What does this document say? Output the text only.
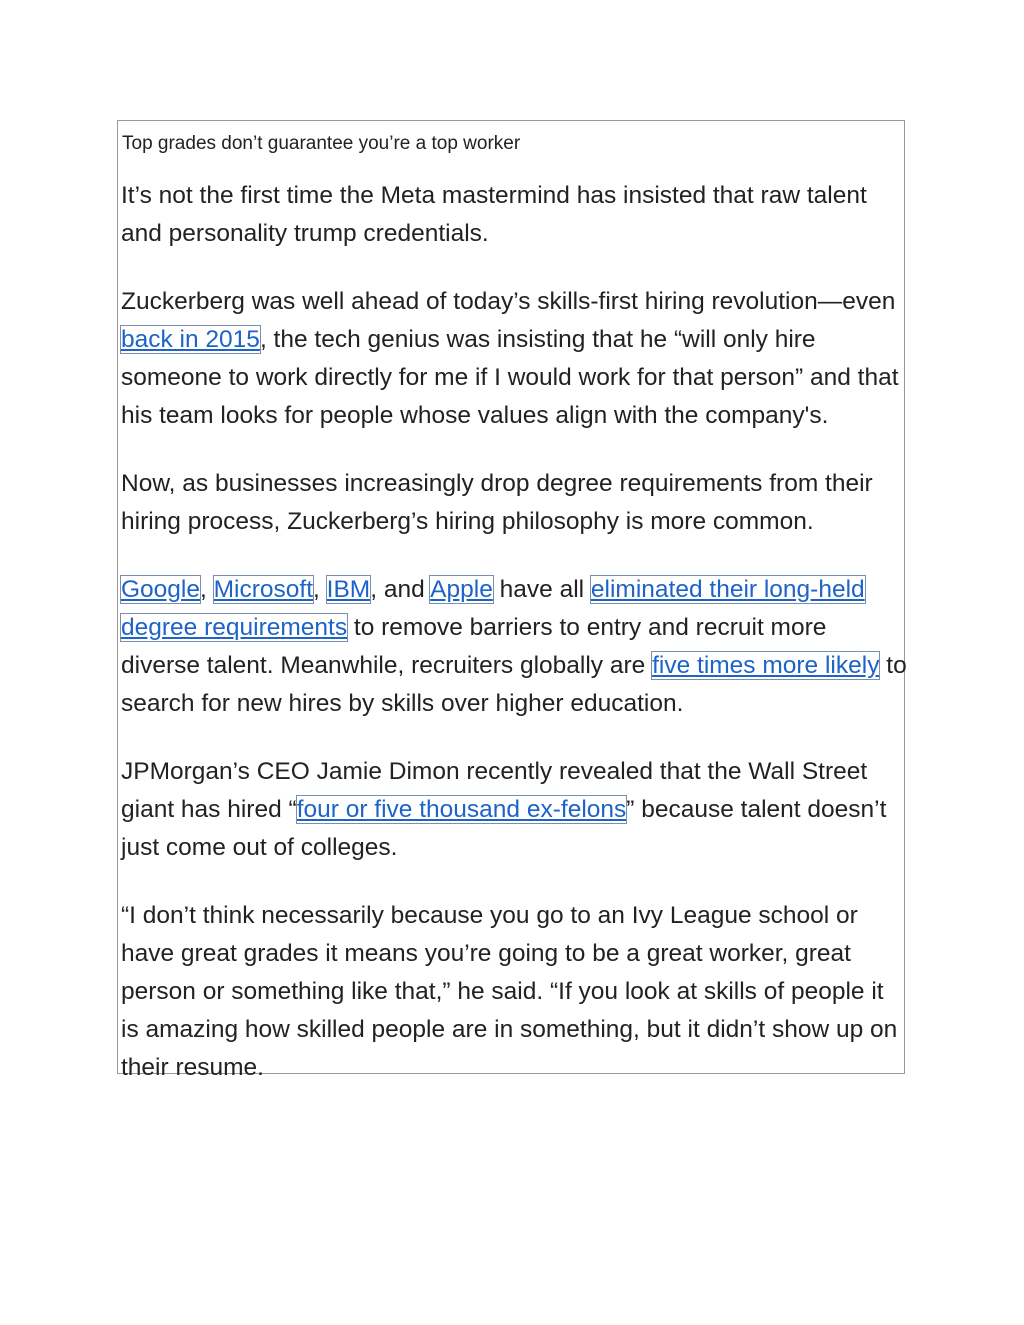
Top grades don’t guarantee you’re a top worker

It’s not the first time the Meta mastermind has insisted that raw talent and personality trump credentials.

Zuckerberg was well ahead of today’s skills-first hiring revolution—even back in 2015, the tech genius was insisting that he “will only hire someone to work directly for me if I would work for that person” and that his team looks for people whose values align with the company's.

Now, as businesses increasingly drop degree requirements from their hiring process, Zuckerberg’s hiring philosophy is more common.

Google, Microsoft, IBM, and Apple have all eliminated their long-held degree requirements to remove barriers to entry and recruit more diverse talent. Meanwhile, recruiters globally are five times more likely to search for new hires by skills over higher education.

JPMorgan’s CEO Jamie Dimon recently revealed that the Wall Street giant has hired “four or five thousand ex-felons” because talent doesn’t just come out of colleges.

“I don’t think necessarily because you go to an Ivy League school or have great grades it means you’re going to be a great worker, great person or something like that,” he said. “If you look at skills of people it is amazing how skilled people are in something, but it didn’t show up on their resume.
